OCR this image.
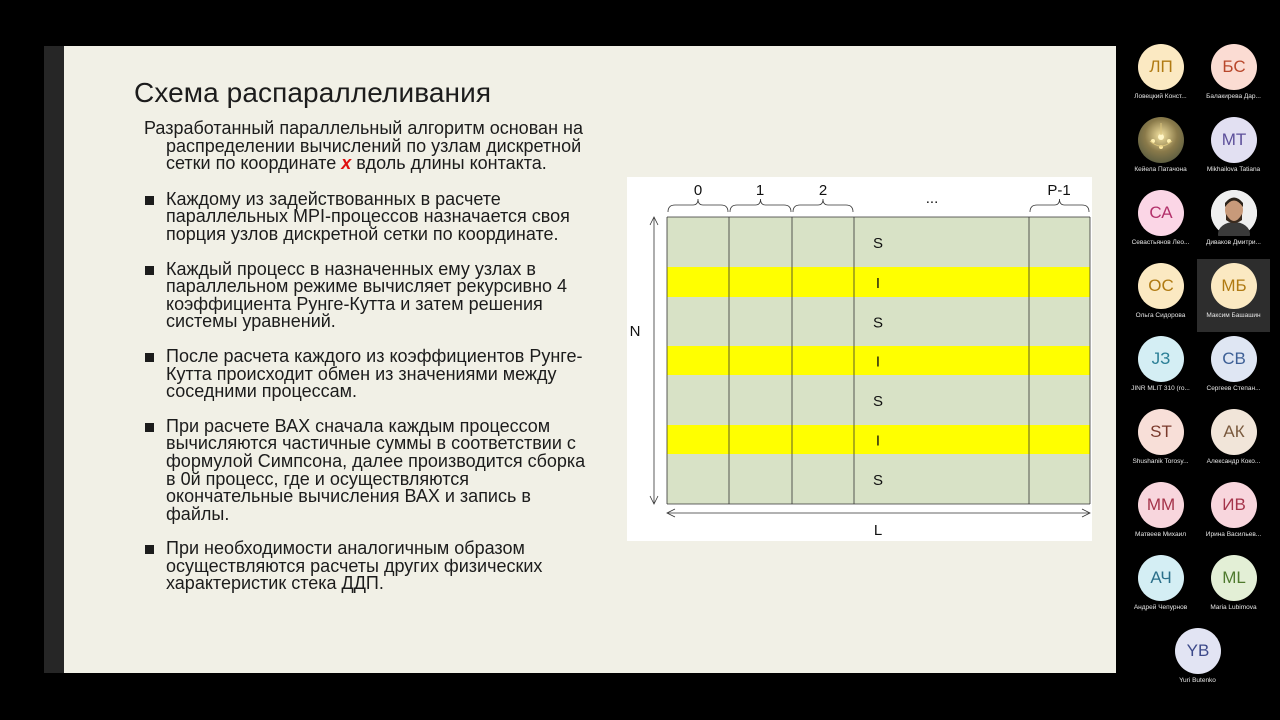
Схема распараллеливания

Разработанный параллельный алгоритм основан на распределении вычислений по узлам дискретной сетки по координате x вдоль длины контакта.

Каждому из задействованных в расчете параллельных MPI-процессов назначается своя порция узлов дискретной сетки по координате.
Каждый процесс в назначенных ему узлах в параллельном режиме вычисляет рекурсивно 4 коэффициента Рунге-Кутта и затем решения системы уравнений.
После расчета каждого из коэффициентов Рунге-Кутта происходит обмен из значениями между соседними процессам.
При расчете ВАХ сначала каждым процессом вычисляются частичные суммы в соответствии с формулой Симпсона, далее производится сборка в 0й процесс, где и осуществляются окончательные вычисления ВАХ и запись в файлы.
При необходимости аналогичным образом осуществляются расчеты других физических характеристик стека ДДП.
S
I
S
I
S
I
S
0	1	2	...	P-1
N
L
ЛП
Ловецкий Конст...
БС
Балакирева Дар...
Кейела Патачона
MT
Mikhailova Tatiana
СА
Севастьянов Лео...	Диваков Дмитри...
ОС
Ольга Сидорова
МБ
Максим Башашин
JЗ
JINR MLIT 310 (ro...
СВ
Сергеев Степан...
ST
Shushanik Torosy...
АК
Александр Коко...
ММ
Матвеев Михаил
ИВ
Ирина Васильев...
АЧ
Андрей Чепурнов
ML
Maria Lubimova
YB
Yuri Butenko
